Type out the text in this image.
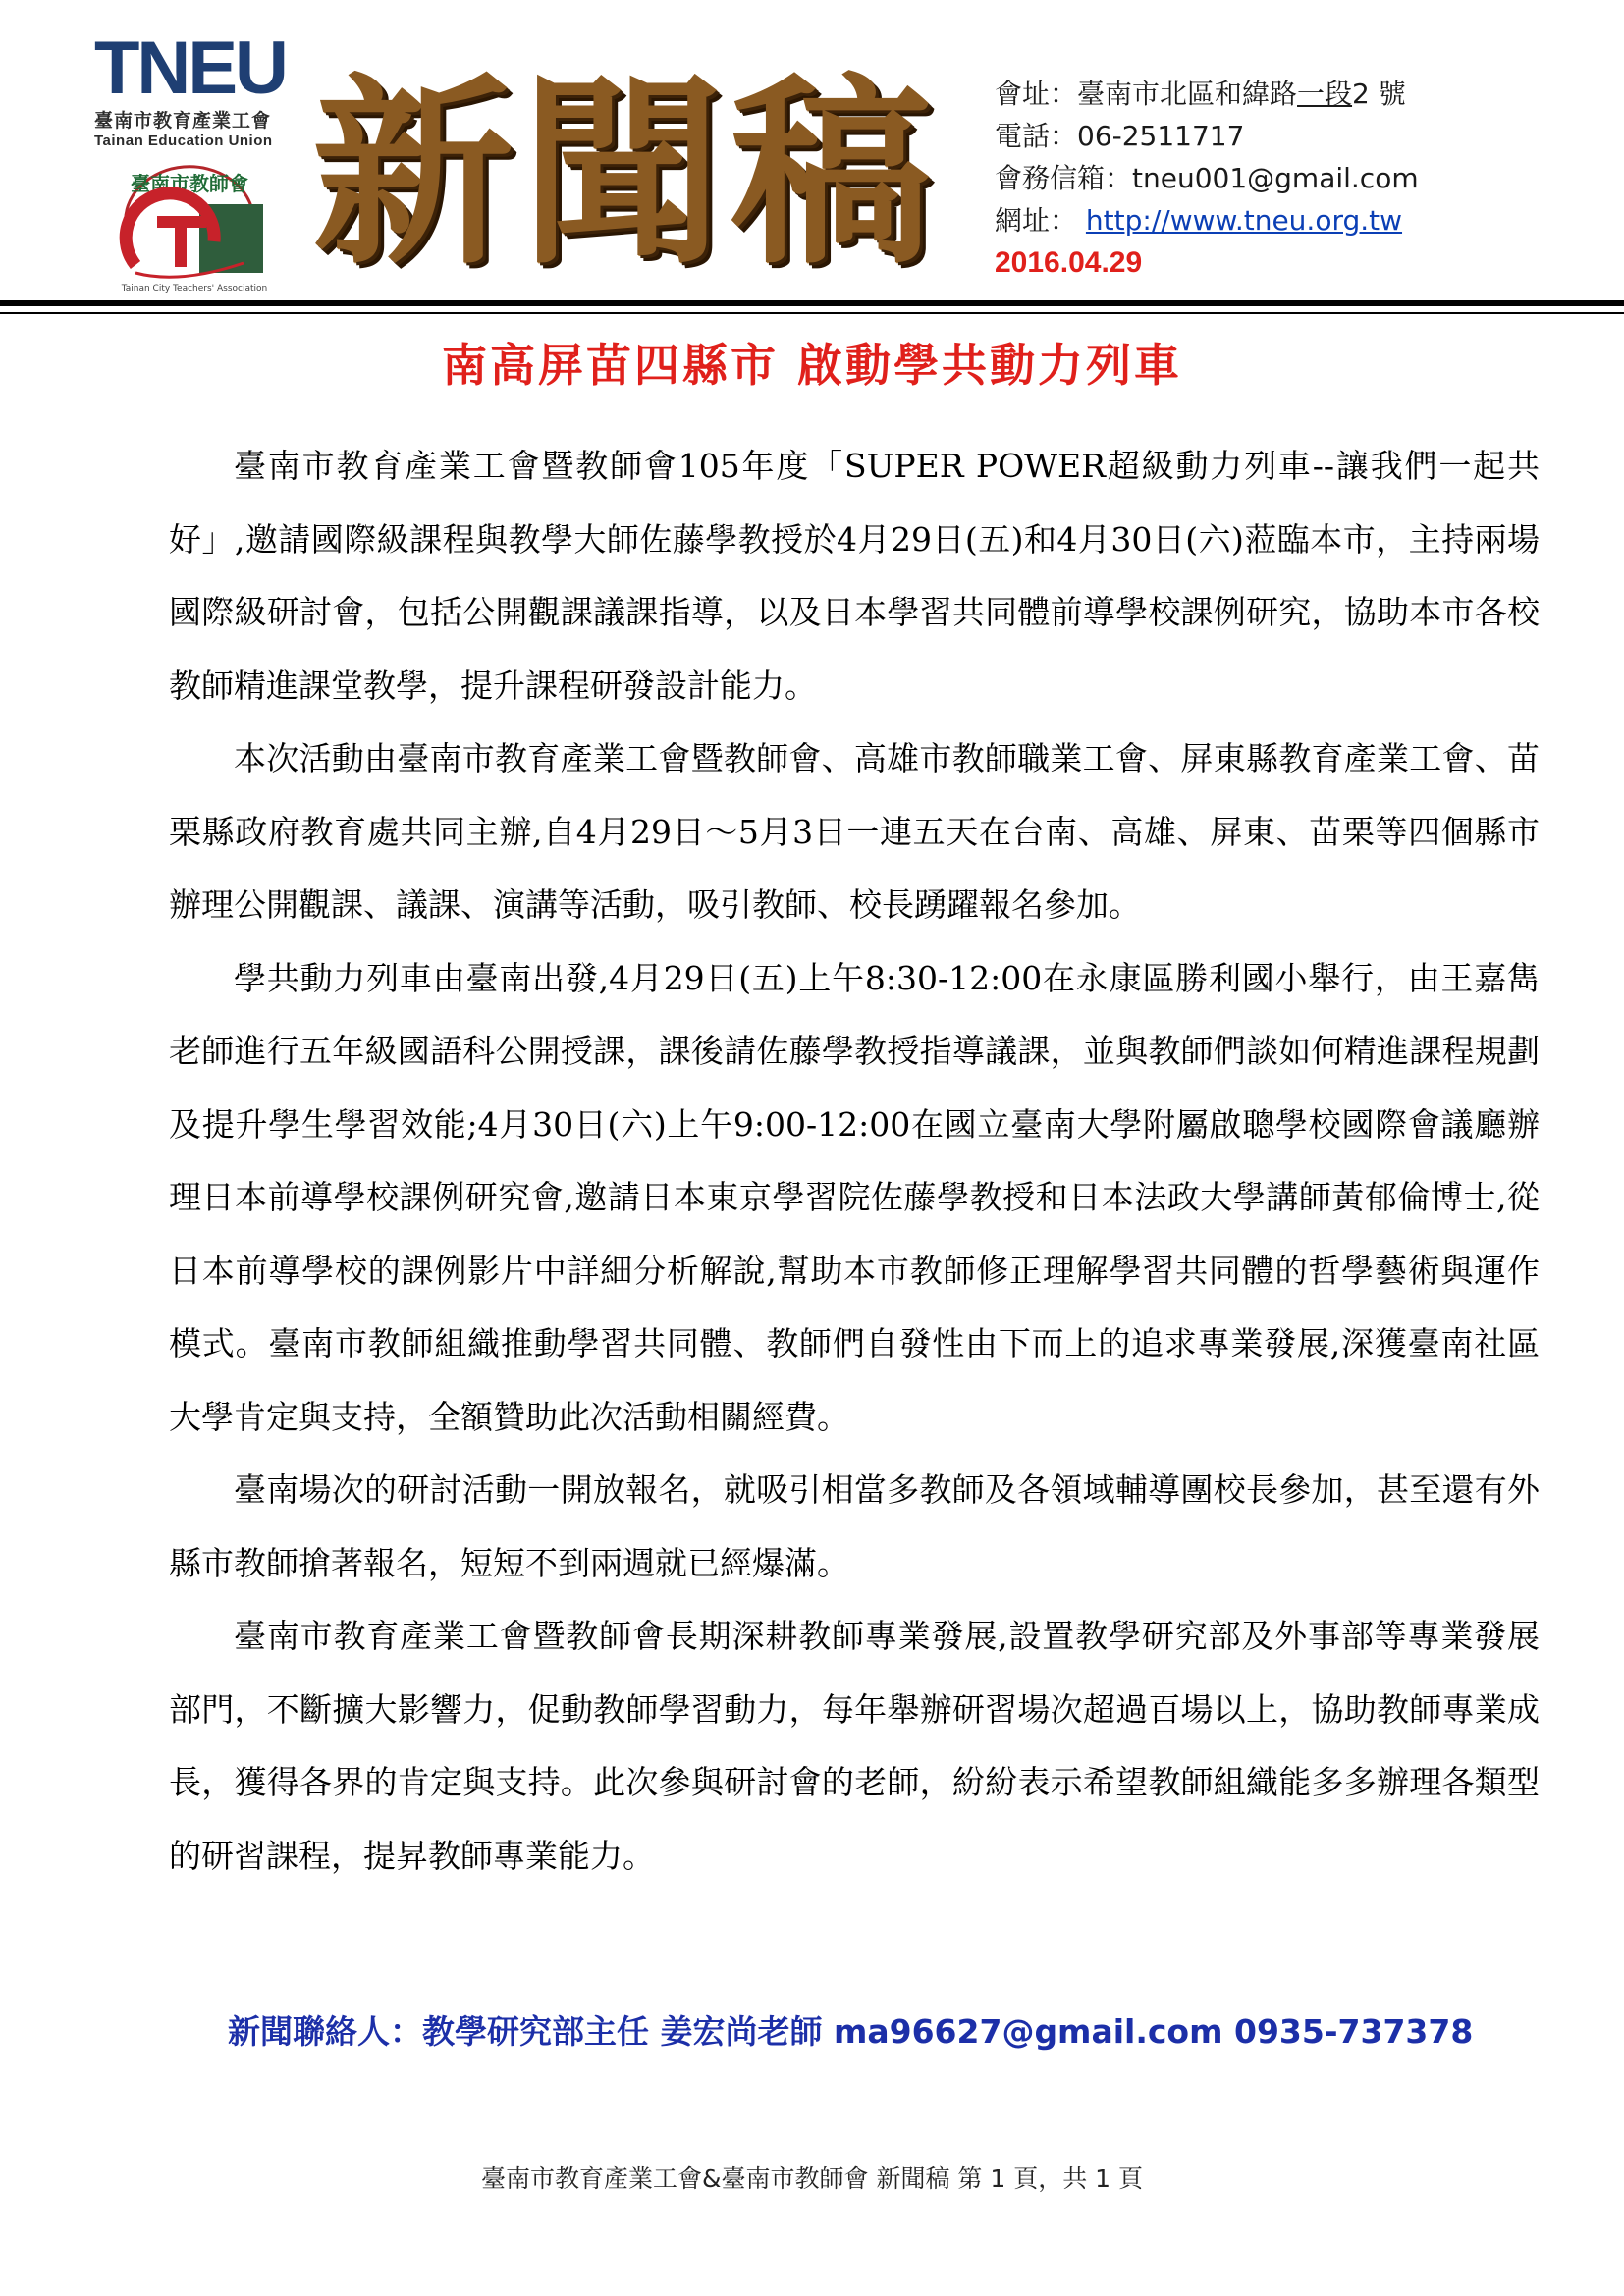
TNEU
臺南市教育產業工會
Tainan Education Union
臺南市教師會
Tainan City Teachers' Association 新聞稿 會址：臺南市北區和緯路一段2 號
電話：06-2511717
會務信箱：tneu001@gmail.com
網址： http://www.tneu.org.tw
2016.04.29
南高屏苗四縣市 啟動學共動力列車

臺南市教育產業工會暨教師會105年度「SUPER POWER超級動力列車--讓我們一起共好」,邀請國際級課程與教學大師佐藤學教授於4月29日(五)和4月30日(六)蒞臨本市，主持兩場國際級研討會，包括公開觀課議課指導，以及日本學習共同體前導學校課例研究，協助本市各校教師精進課堂教學，提升課程研發設計能力。

本次活動由臺南市教育產業工會暨教師會、高雄市教師職業工會、屏東縣教育產業工會、苗栗縣政府教育處共同主辦,自4月29日～5月3日一連五天在台南、高雄、屏東、苗栗等四個縣市辦理公開觀課、議課、演講等活動，吸引教師、校長踴躍報名參加。

學共動力列車由臺南出發,4月29日(五)上午8:30-12:00在永康區勝利國小舉行，由王嘉雋老師進行五年級國語科公開授課，課後請佐藤學教授指導議課，並與教師們談如何精進課程規劃及提升學生學習效能;4月30日(六)上午9:00-12:00在國立臺南大學附屬啟聰學校國際會議廳辦理日本前導學校課例研究會,邀請日本東京學習院佐藤學教授和日本法政大學講師黃郁倫博士,從日本前導學校的課例影片中詳細分析解說,幫助本市教師修正理解學習共同體的哲學藝術與運作模式。臺南市教師組織推動學習共同體、教師們自發性由下而上的追求專業發展,深獲臺南社區大學肯定與支持，全額贊助此次活動相關經費。

臺南場次的研討活動一開放報名，就吸引相當多教師及各領域輔導團校長參加，甚至還有外縣市教師搶著報名，短短不到兩週就已經爆滿。

臺南市教育產業工會暨教師會長期深耕教師專業發展,設置教學研究部及外事部等專業發展部門，不斷擴大影響力，促動教師學習動力，每年舉辦研習場次超過百場以上，協助教師專業成長，獲得各界的肯定與支持。此次參與研討會的老師，紛紛表示希望教師組織能多多辦理各類型的研習課程，提昇教師專業能力。

新聞聯絡人：教學研究部主任 姜宏尚老師 ma96627@gmail.com 0935-737378
臺南市教育產業工會&臺南市教師會 新聞稿 第 1 頁，共 1 頁
